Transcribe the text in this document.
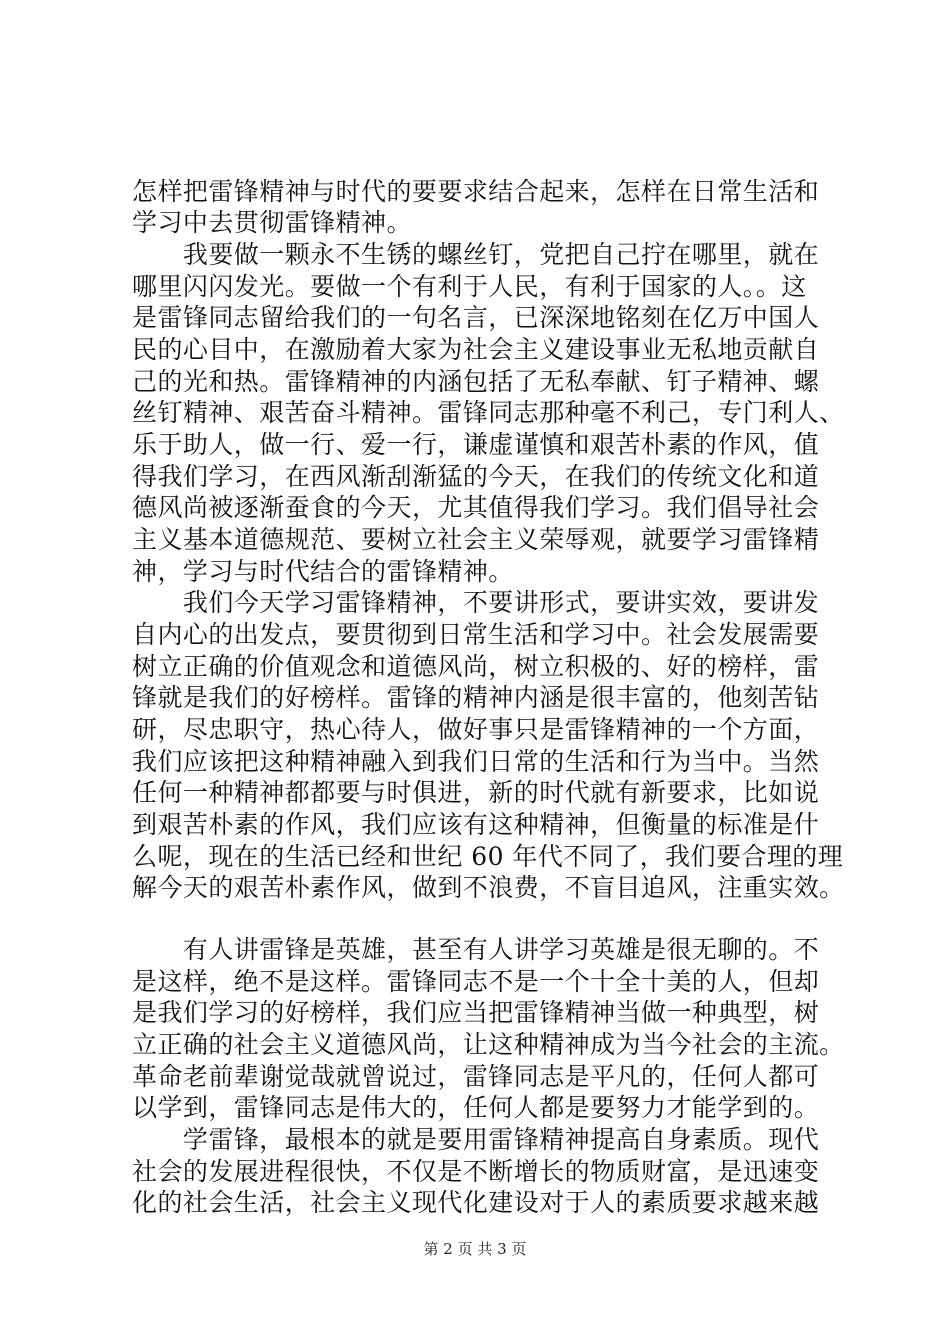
怎样把雷锋精神与时代的要要求结合起来，怎样在日常生活和
学习中去贯彻雷锋精神。
　　我要做一颗永不生锈的螺丝钉，党把自己拧在哪里，就在
哪里闪闪发光。要做一个有利于人民，有利于国家的人。。这
是雷锋同志留给我们的一句名言，已深深地铭刻在亿万中国人
民的心目中，在激励着大家为社会主义建设事业无私地贡献自
己的光和热。雷锋精神的内涵包括了无私奉献、钉子精神、螺
丝钉精神、艰苦奋斗精神。雷锋同志那种毫不利己，专门利人、
乐于助人，做一行、爱一行，谦虚谨慎和艰苦朴素的作风，值
得我们学习，在西风渐刮渐猛的今天，在我们的传统文化和道
德风尚被逐渐蚕食的今天，尤其值得我们学习。我们倡导社会
主义基本道德规范、要树立社会主义荣辱观，就要学习雷锋精
神，学习与时代结合的雷锋精神。
　　我们今天学习雷锋精神，不要讲形式，要讲实效，要讲发
自内心的出发点，要贯彻到日常生活和学习中。社会发展需要
树立正确的价值观念和道德风尚，树立积极的、好的榜样，雷
锋就是我们的好榜样。雷锋的精神内涵是很丰富的，他刻苦钻
研，尽忠职守，热心待人，做好事只是雷锋精神的一个方面，
我们应该把这种精神融入到我们日常的生活和行为当中。当然
任何一种精神都都要与时俱进，新的时代就有新要求，比如说
到艰苦朴素的作风，我们应该有这种精神，但衡量的标准是什
么呢，现在的生活已经和世纪 60 年代不同了，我们要合理的理
解今天的艰苦朴素作风，做到不浪费，不盲目追风，注重实效。
　　有人讲雷锋是英雄，甚至有人讲学习英雄是很无聊的。不
是这样，绝不是这样。雷锋同志不是一个十全十美的人，但却
是我们学习的好榜样，我们应当把雷锋精神当做一种典型，树
立正确的社会主义道德风尚，让这种精神成为当今社会的主流。
革命老前辈谢觉哉就曾说过，雷锋同志是平凡的，任何人都可
以学到，雷锋同志是伟大的，任何人都是要努力才能学到的。
　　学雷锋，最根本的就是要用雷锋精神提高自身素质。现代
社会的发展进程很快，不仅是不断增长的物质财富，是迅速变
化的社会生活，社会主义现代化建设对于人的素质要求越来越
第 2 页 共 3 页
